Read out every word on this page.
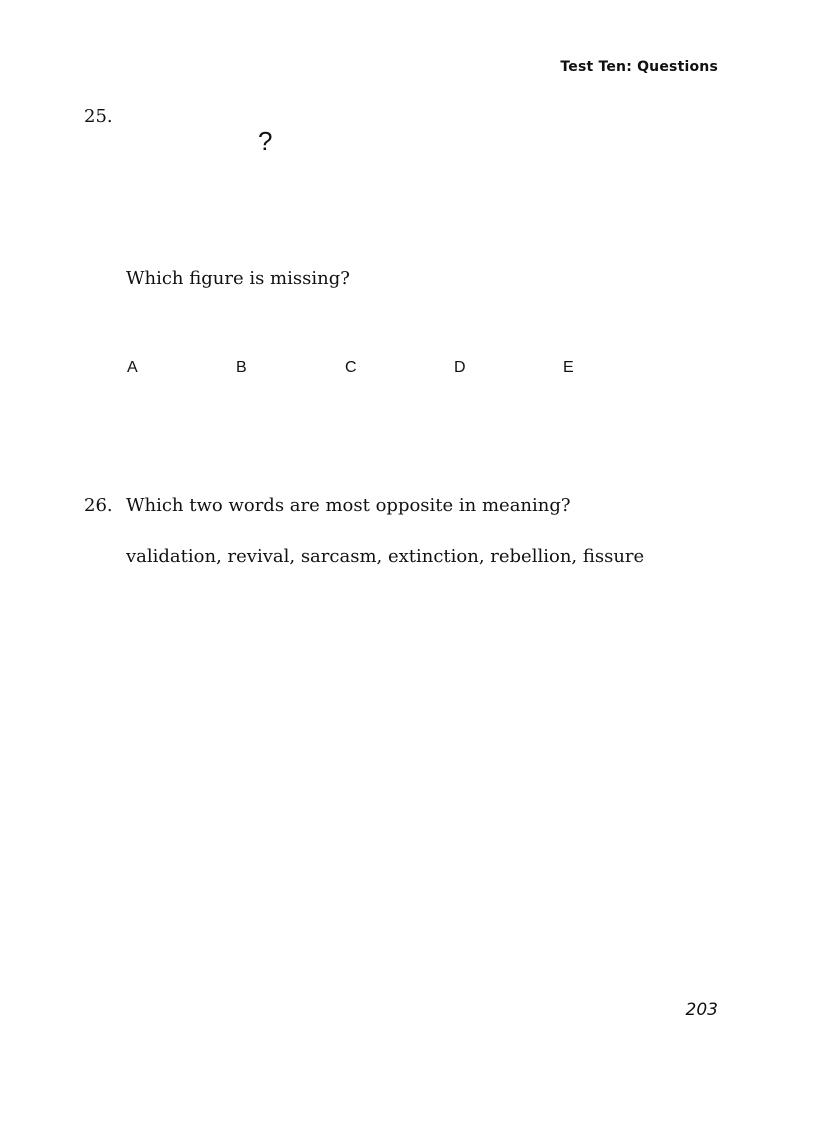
Test Ten: Questions
25.
?
Which figure is missing?
A	B	C	D	E
26. Which two words are most opposite in meaning?
validation, revival, sarcasm, extinction, rebellion, fissure
203
